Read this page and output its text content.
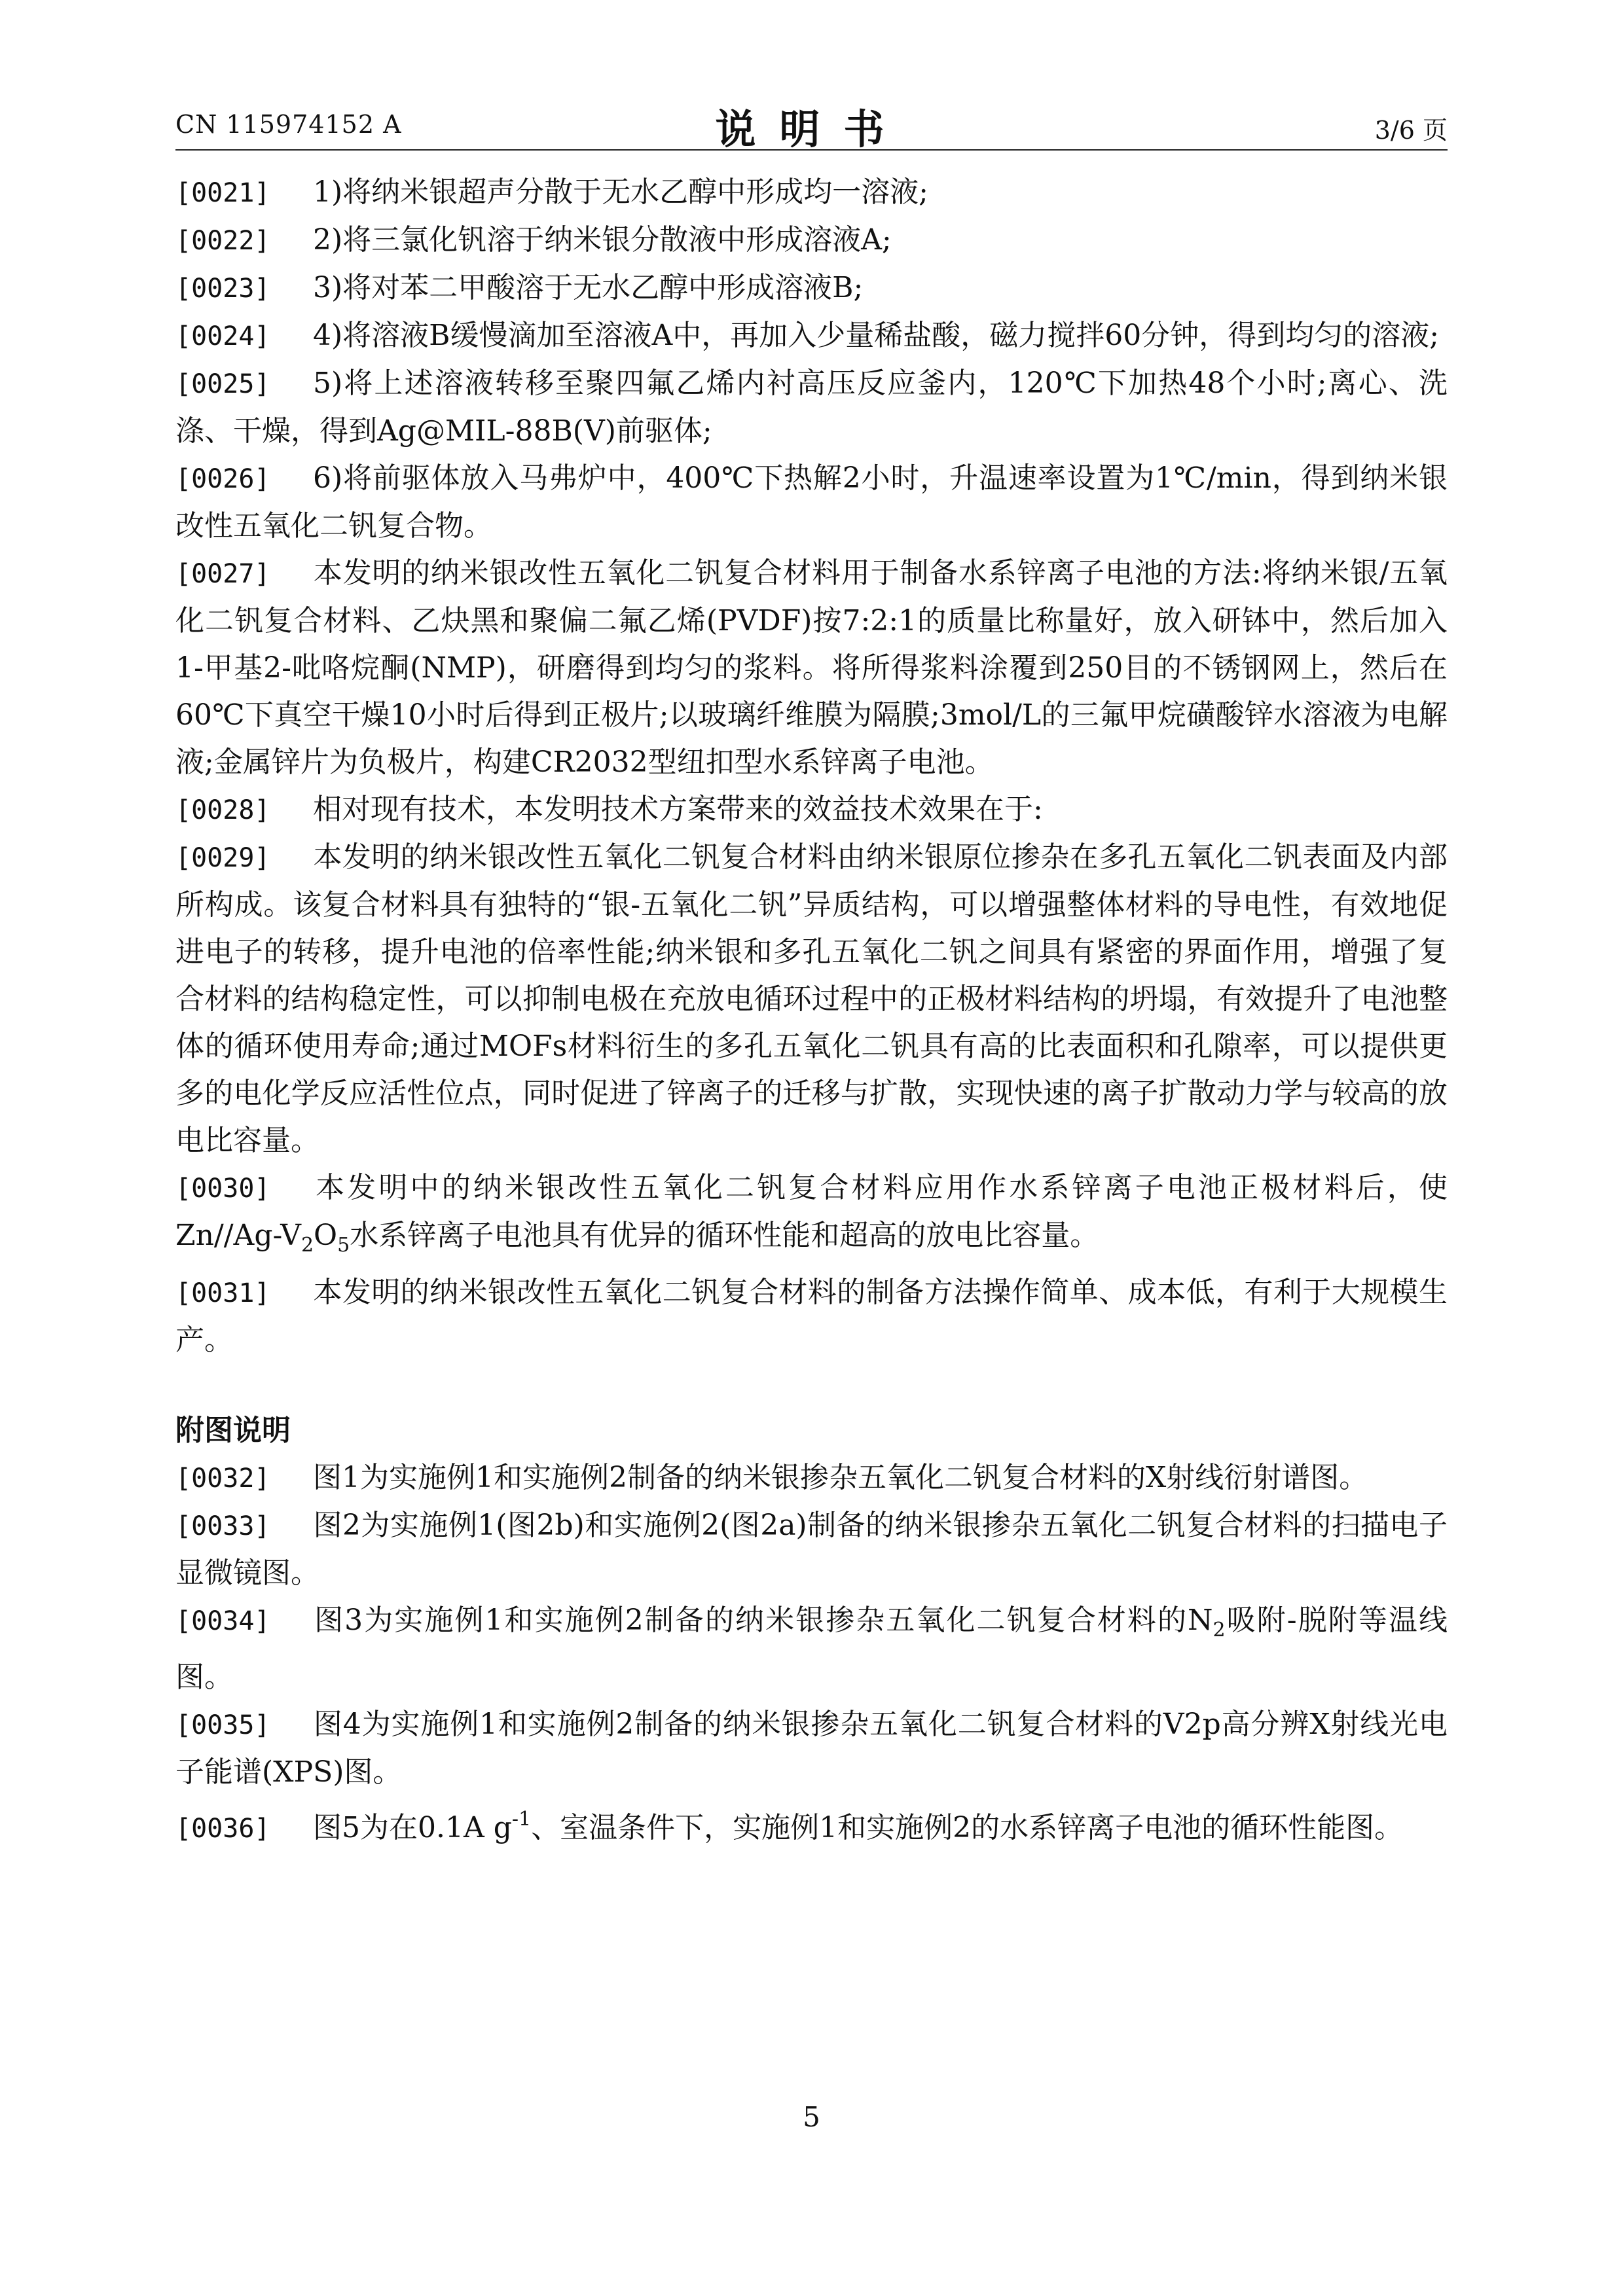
CN 115974152 A	说明书	3/6 页

[0021] 1)将纳米银超声分散于无水乙醇中形成均一溶液;

[0022] 2)将三氯化钒溶于纳米银分散液中形成溶液A;

[0023] 3)将对苯二甲酸溶于无水乙醇中形成溶液B;

[0024] 4)将溶液B缓慢滴加至溶液A中，再加入少量稀盐酸，磁力搅拌60分钟，得到均匀的溶液;

[0025] 5)将上述溶液转移至聚四氟乙烯内衬高压反应釜内，120℃下加热48个小时;离心、洗涤、干燥，得到Ag@MIL-88B(V)前驱体;

[0026] 6)将前驱体放入马弗炉中，400℃下热解2小时，升温速率设置为1℃/min，得到纳米银改性五氧化二钒复合物。

[0027] 本发明的纳米银改性五氧化二钒复合材料用于制备水系锌离子电池的方法:将纳米银/五氧化二钒复合材料、乙炔黑和聚偏二氟乙烯(PVDF)按7:2:1的质量比称量好，放入研钵中，然后加入1-甲基2-吡咯烷酮(NMP)，研磨得到均匀的浆料。将所得浆料涂覆到250目的不锈钢网上，然后在60℃下真空干燥10小时后得到正极片;以玻璃纤维膜为隔膜;3mol/L的三氟甲烷磺酸锌水溶液为电解液;金属锌片为负极片，构建CR2032型纽扣型水系锌离子电池。

[0028] 相对现有技术，本发明技术方案带来的效益技术效果在于:

[0029] 本发明的纳米银改性五氧化二钒复合材料由纳米银原位掺杂在多孔五氧化二钒表面及内部所构成。该复合材料具有独特的“银-五氧化二钒”异质结构，可以增强整体材料的导电性，有效地促进电子的转移，提升电池的倍率性能;纳米银和多孔五氧化二钒之间具有紧密的界面作用，增强了复合材料的结构稳定性，可以抑制电极在充放电循环过程中的正极材料结构的坍塌，有效提升了电池整体的循环使用寿命;通过MOFs材料衍生的多孔五氧化二钒具有高的比表面积和孔隙率，可以提供更多的电化学反应活性位点，同时促进了锌离子的迁移与扩散，实现快速的离子扩散动力学与较高的放电比容量。

[0030] 本发明中的纳米银改性五氧化二钒复合材料应用作水系锌离子电池正极材料后，使$Zn//Ag-V_2O_5$水系锌离子电池具有优异的循环性能和超高的放电比容量。

[0031] 本发明的纳米银改性五氧化二钒复合材料的制备方法操作简单、成本低，有利于大规模生产。

附图说明

[0032] 图1为实施例1和实施例2制备的纳米银掺杂五氧化二钒复合材料的X射线衍射谱图。

[0033] 图2为实施例1(图2b)和实施例2(图2a)制备的纳米银掺杂五氧化二钒复合材料的扫描电子显微镜图。

[0034] 图3为实施例1和实施例2制备的纳米银掺杂五氧化二钒复合材料的$N_2$吸附-脱附等温线图。

[0035] 图4为实施例1和实施例2制备的纳米银掺杂五氧化二钒复合材料的V2p高分辨X射线光电子能谱(XPS)图。

[0036] 图5为在0.1A $g^{-1}$、室温条件下，实施例1和实施例2的水系锌离子电池的循环性能图。

5
